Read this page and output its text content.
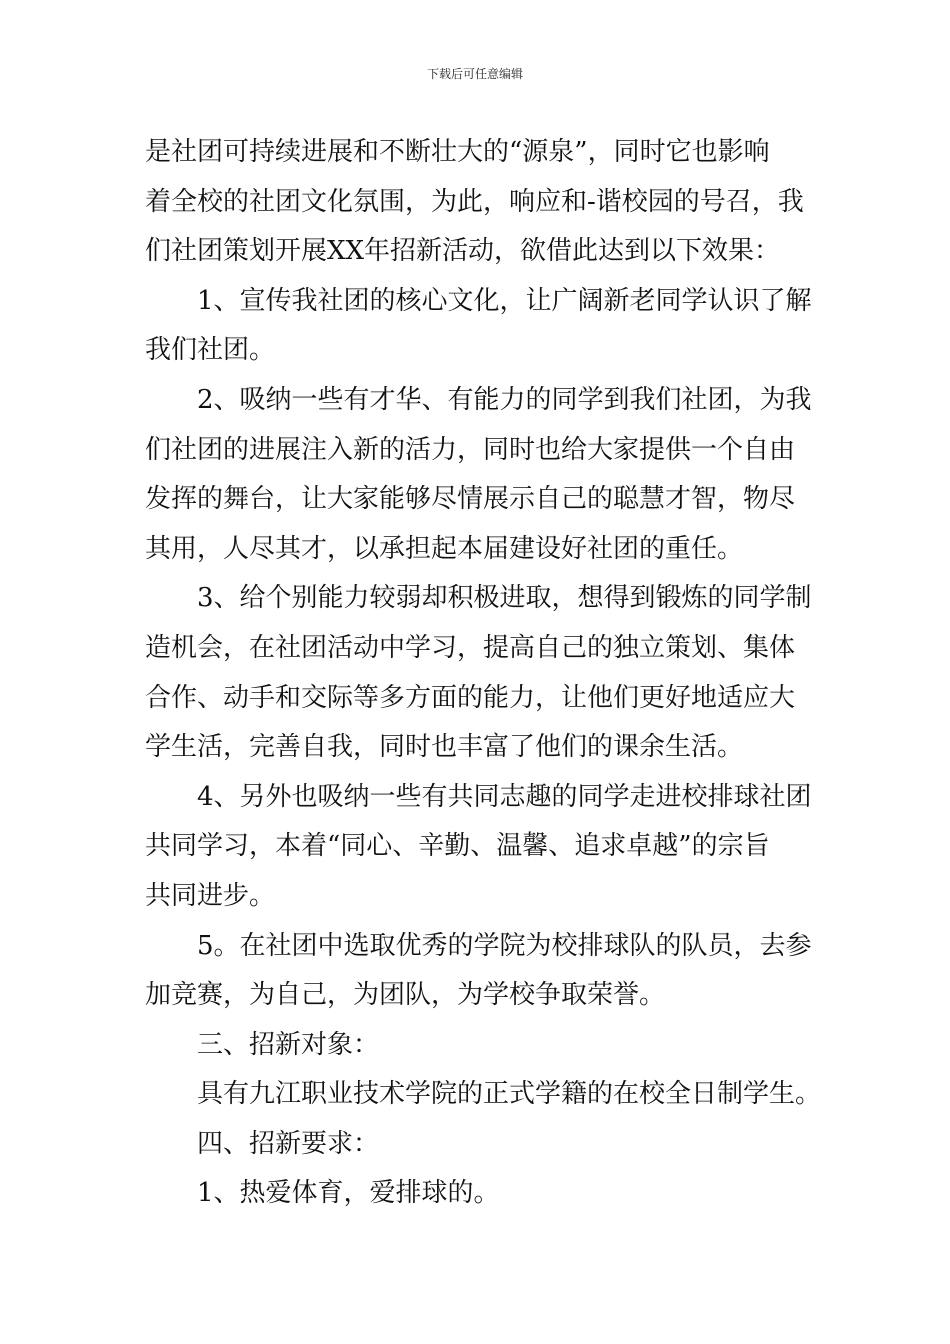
下载后可任意编辑
是社团可持续进展和不断壮大的“源泉”，同时它也影响
着全校的社团文化氛围，为此，响应和-谐校园的号召，我
们社团策划开展XX年招新活动，欲借此达到以下效果：
1、宣传我社团的核心文化，让广阔新老同学认识了解
我们社团。
2、吸纳一些有才华、有能力的同学到我们社团，为我
们社团的进展注入新的活力，同时也给大家提供一个自由
发挥的舞台，让大家能够尽情展示自己的聪慧才智，物尽
其用，人尽其才，以承担起本届建设好社团的重任。
3、给个别能力较弱却积极进取，想得到锻炼的同学制
造机会，在社团活动中学习，提高自己的独立策划、集体
合作、动手和交际等多方面的能力，让他们更好地适应大
学生活，完善自我，同时也丰富了他们的课余生活。
4、另外也吸纳一些有共同志趣的同学走进校排球社团
共同学习，本着“同心、辛勤、温馨、追求卓越”的宗旨
共同进步。
5。在社团中选取优秀的学院为校排球队的队员，去参
加竞赛，为自己，为团队，为学校争取荣誉。
三、招新对象：
具有九江职业技术学院的正式学籍的在校全日制学生。
四、招新要求：
1、热爱体育，爱排球的。
